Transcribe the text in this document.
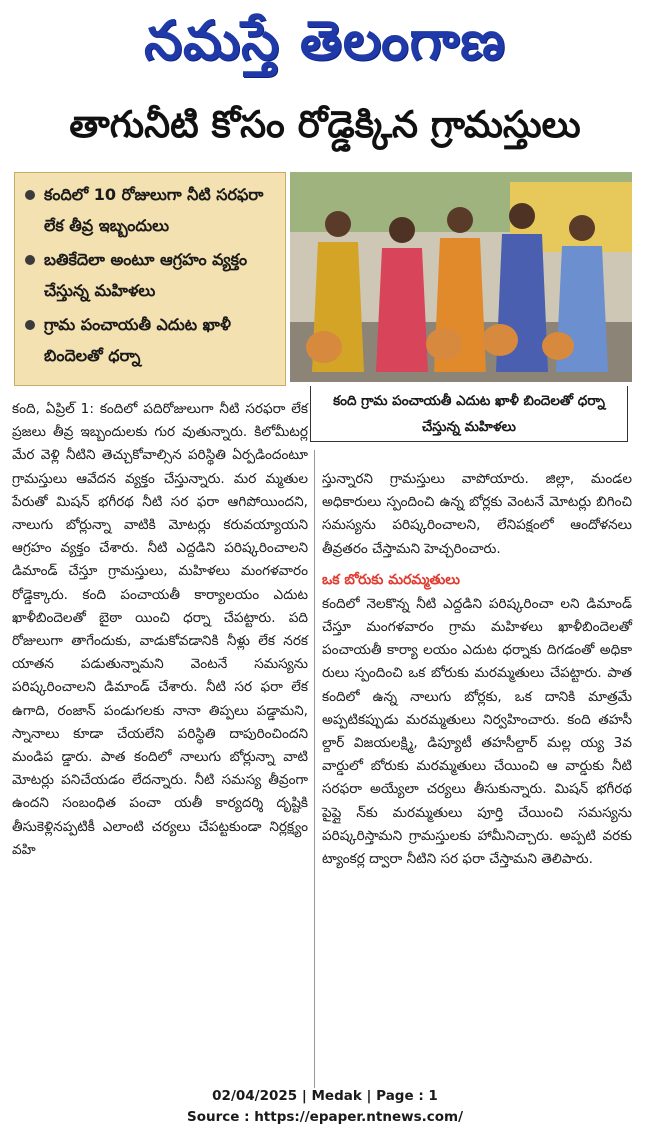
నమస్తే తెలంగాణ
తాగునీటి కోసం రోడ్డెక్కిన గ్రామస్తులు
కందిలో 10 రోజులుగా నీటి సరఫరా లేక తీవ్ర ఇబ్బందులు
బతికేదెలా అంటూ ఆగ్రహం వ్యక్తం చేస్తున్న మహిళలు
గ్రామ పంచాయతీ ఎదుట ఖాళీ బిందెలతో ధర్నా
కంది గ్రామ పంచాయతీ ఎదుట ఖాళీ బిందెలతో ధర్నా చేస్తున్న మహిళలు
కంది, ఏప్రిల్ 1: కందిలో పదిరోజులుగా నీటి సరఫరా లేక ప్రజలు తీవ్ర ఇబ్బందులకు గుర వుతున్నారు. కిలోమీటర్ల మేర వెళ్లి నీటిని తెచ్చుకోవాల్సిన పరిస్థితి ఏర్పడిందంటూ గ్రామస్తులు ఆవేదన వ్యక్తం చేస్తున్నారు. మర మ్మతుల పేరుతో మిషన్ భగీరథ నీటి సర ఫరా ఆగిపోయిందని, నాలుగు బోర్లున్నా వాటికి మోటర్లు కరువయ్యాయని ఆగ్రహం వ్యక్తం చేశారు. నీటి ఎద్దడిని పరిష్కరించాలని డిమాండ్ చేస్తూ గ్రామస్తులు, మహిళలు మంగళవారం రోడ్డెక్కారు. కంది పంచాయతీ కార్యాలయం ఎదుట ఖాళీబిందెలతో బైఠా యించి ధర్నా చేపట్టారు. పది రోజులుగా తాగేందుకు, వాడుకోవడానికి నీళ్లు లేక నరక యాతన పడుతున్నామని వెంటనే సమస్యను పరిష్కరించాలని డిమాండ్ చేశారు. నీటి సర ఫరా లేక ఉగాది, రంజాన్ పండుగలకు నానా తిప్పలు పడ్డామని, స్నానాలు కూడా చేయలేని పరిస్థితి దాపురించిందని మండిప డ్డారు. పాత కందిలో నాలుగు బోర్లున్నా వాటి మోటర్లు పనిచేయడం లేదన్నారు. నీటి సమస్య తీవ్రంగా ఉందని సంబంధిత పంచా యతీ కార్యదర్శి దృష్టికి తీసుకెళ్లినప్పటికీ ఎలాంటి చర్యలు చేపట్టకుండా నిర్లక్ష్యం వహి
స్తున్నారని గ్రామస్తులు వాపోయారు. జిల్లా, మండల అధికారులు స్పందించి ఉన్న బోర్లకు వెంటనే మోటర్లు బిగించి సమస్యను పరిష్కరించాలని, లేనిపక్షంలో ఆందోళనలు తీవ్రతరం చేస్తామని హెచ్చరించారు.
ఒక బోరుకు మరమ్మతులు
కందిలో నెలకొన్న నీటి ఎద్దడిని పరిష్కరించా లని డిమాండ్ చేస్తూ మంగళవారం గ్రామ మహిళలు ఖాళీబిందెలతో పంచాయతీ కార్యా లయం ఎదుట ధర్నాకు దిగడంతో అధికా రులు స్పందించి ఒక బోరుకు మరమ్మతులు చేపట్టారు. పాత కందిలో ఉన్న నాలుగు బోర్లకు, ఒక దానికి మాత్రమే అప్పటికప్పుడు మరమ్మతులు నిర్వహించారు. కంది తహసీ ల్దార్ విజయలక్ష్మి, డిప్యూటీ తహసీల్దార్ మల్ల య్య 3వ వార్డులో బోరుకు మరమ్మతులు చేయించి ఆ వార్డుకు నీటి సరఫరా అయ్యేలా చర్యలు తీసుకున్నారు. మిషన్ భగీరథ పైప్లై న్‌కు మరమ్మతులు పూర్తి చేయించి సమస్యను పరిష్కరిస్తామని గ్రామస్తులకు హామీనిచ్చారు. అప్పటి వరకు ట్యాంకర్ల ద్వారా నీటిని సర ఫరా చేస్తామని తెలిపారు.
02/04/2025 | Medak | Page : 1
Source : https://epaper.ntnews.com/
